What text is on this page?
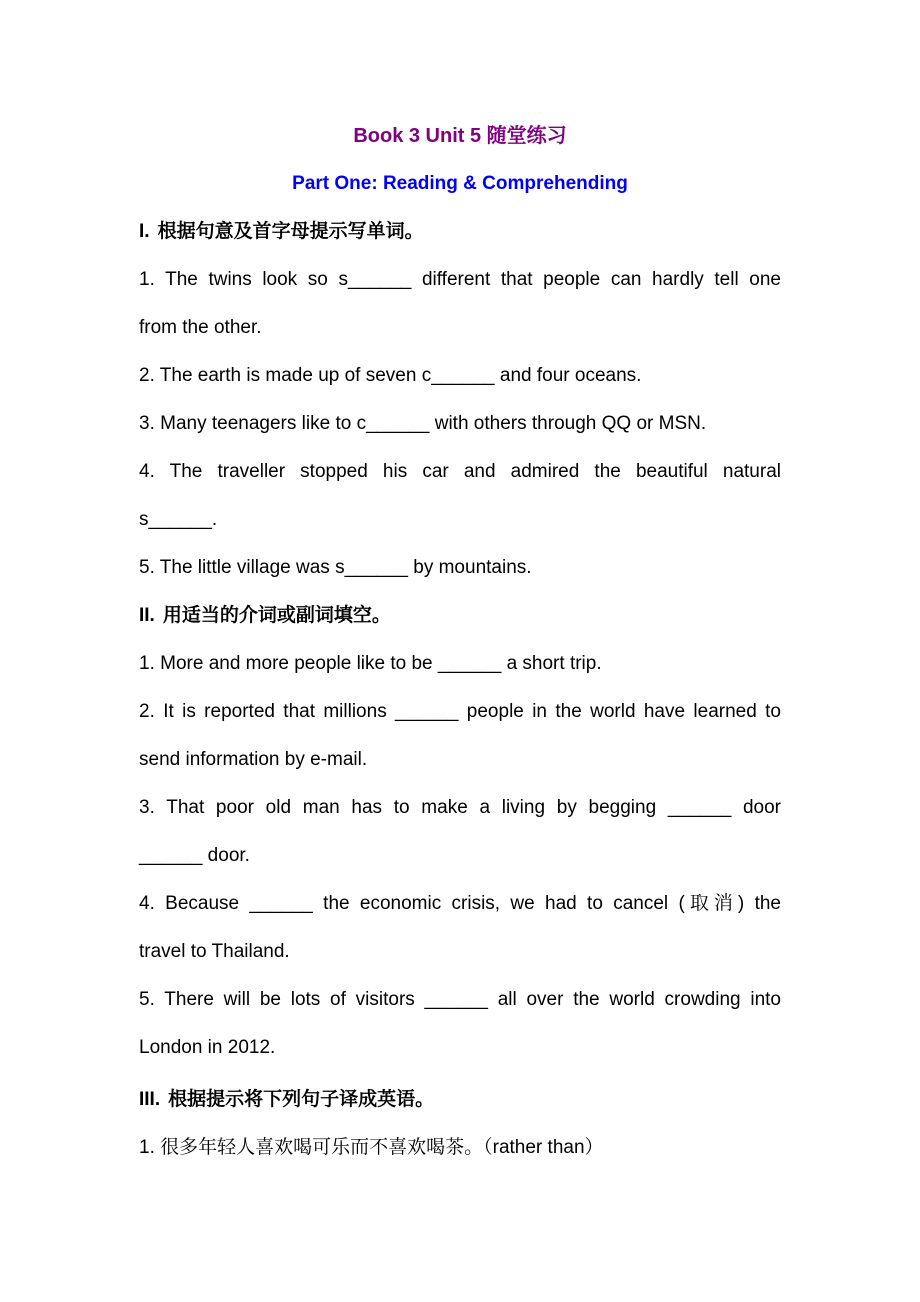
Book 3 Unit 5 随堂练习
Part One: Reading & Comprehending
I. 根据句意及首字母提示写单词。
1. The twins look so s______ different that people can hardly tell one
from the other.
2. The earth is made up of seven c______ and four oceans.
3. Many teenagers like to c______ with others through QQ or MSN.
4. The traveller stopped his car and admired the beautiful natural
s______.
5. The little village was s______ by mountains.
II. 用适当的介词或副词填空。
1. More and more people like to be ______ a short trip.
2. It is reported that millions ______ people in the world have learned to
send information by e-mail.
3. That poor old man has to make a living by begging ______ door
______ door.
4. Because ______ the economic crisis, we had to cancel (取消) the
travel to Thailand.
5. There will be lots of visitors ______ all over the world crowding into
London in 2012.
III. 根据提示将下列句子译成英语。
1. 很多年轻人喜欢喝可乐而不喜欢喝茶。（rather than）
